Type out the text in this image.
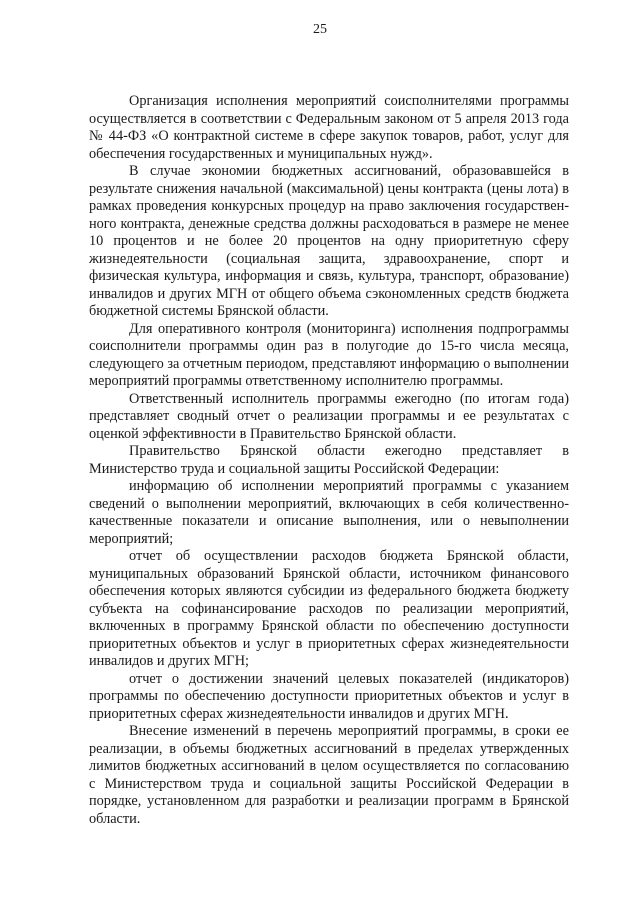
25

Организация исполнения мероприятий соисполнителями программы осуществляется в соответствии с Федеральным законом от 5 апреля 2013 года № 44-ФЗ «О контрактной системе в сфере закупок товаров, работ, услуг для обеспечения государственных и муниципальных нужд».

В случае экономии бюджетных ассигнований, образовавшейся в результате снижения начальной (максимальной) цены контракта (цены лота) в рамках проведения конкурсных процедур на право заключения государственного контракта, денежные средства должны расходоваться в размере не менее 10 процентов и не более 20 процентов на одну приоритетную сферу жизнедеятельности (социальная защита, здравоохранение, спорт и физическая культура, информация и связь, культура, транспорт, образование) инвалидов и других МГН от общего объема сэкономленных средств бюджета бюджетной системы Брянской области.

Для оперативного контроля (мониторинга) исполнения подпрограммы соисполнители программы один раз в полугодие до 15-го числа месяца, следующего за отчетным периодом, представляют информацию о выполнении мероприятий программы ответственному исполнителю программы.

Ответственный исполнитель программы ежегодно (по итогам года) представляет сводный отчет о реализации программы и ее результатах с оценкой эффективности в Правительство Брянской области.

Правительство Брянской области ежегодно представляет в Министерство труда и социальной защиты Российской Федерации:

информацию об исполнении мероприятий программы с указанием сведений о выполнении мероприятий, включающих в себя количественно-качественные показатели и описание выполнения, или о невыполнении мероприятий;

отчет об осуществлении расходов бюджета Брянской области, муниципальных образований Брянской области, источником финансового обеспечения которых являются субсидии из федерального бюджета бюджету субъекта на софинансирование расходов по реализации мероприятий, включенных в программу Брянской области по обеспечению доступности приоритетных объектов и услуг в приоритетных сферах жизнедеятельности инвалидов и других МГН;

отчет о достижении значений целевых показателей (индикаторов) программы по обеспечению доступности приоритетных объектов и услуг в приоритетных сферах жизнедеятельности инвалидов и других МГН.

Внесение изменений в перечень мероприятий программы, в сроки ее реализации, в объемы бюджетных ассигнований в пределах утвержденных лимитов бюджетных ассигнований в целом осуществляется по согласованию с Министерством труда и социальной защиты Российской Федерации в порядке, установленном для разработки и реализации программ в Брянской области.
